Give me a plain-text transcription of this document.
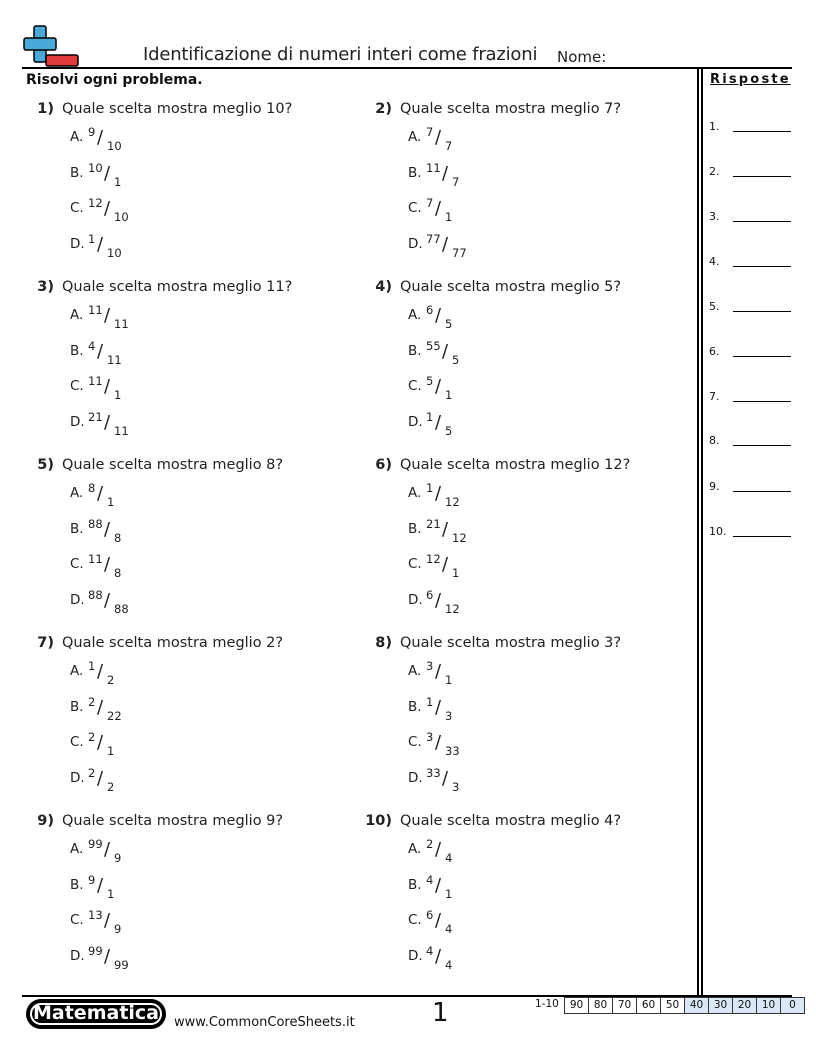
Identificazione di numeri interi come frazioni Nome:
Risolvi ogni problema.	Risposte
1.
2.
3.
4.
5.
6.
7.
8.
9.
10.
1) Quale scelta mostra meglio 10?
A. 9 / 10
B. 10 / 1
C. 12 / 10
D. 1 / 10
2) Quale scelta mostra meglio 7?
A. 7 / 7
B. 11 / 7
C. 7 / 1
D. 77 / 77
3) Quale scelta mostra meglio 11?
A. 11 / 11
B. 4 / 11
C. 11 / 1
D. 21 / 11
4) Quale scelta mostra meglio 5?
A. 6 / 5
B. 55 / 5
C. 5 / 1
D. 1 / 5
5) Quale scelta mostra meglio 8?
A. 8 / 1
B. 88 / 8
C. 11 / 8
D. 88 / 88
6) Quale scelta mostra meglio 12?
A. 1 / 12
B. 21 / 12
C. 12 / 1
D. 6 / 12
7) Quale scelta mostra meglio 2?
A. 1 / 2
B. 2 / 22
C. 2 / 1
D. 2 / 2
8) Quale scelta mostra meglio 3?
A. 3 / 1
B. 1 / 3
C. 3 / 33
D. 33 / 3
9) Quale scelta mostra meglio 9?
A. 99 / 9
B. 9 / 1
C. 13 / 9
D. 99 / 99
10) Quale scelta mostra meglio 4?
A. 2 / 4
B. 4 / 1
C. 6 / 4
D. 4 / 4
Matematica	www.CommonCoreSheets.it	1	1-10	90	80	70	60	50	40	30	20	10	0
